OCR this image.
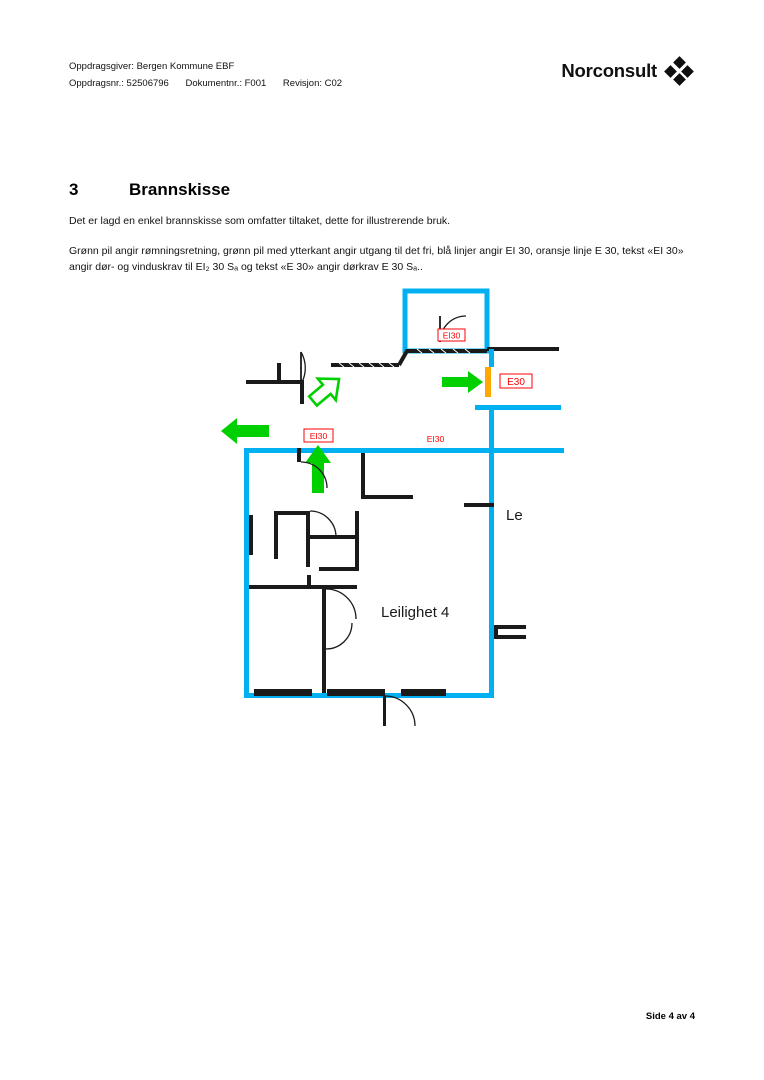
Oppdragsgiver: Bergen Kommune EBF
Oppdragsnr.: 52506796 Dokumentnr.: F001 Revisjon: C02
Norconsult
3	Brannskisse
Det er lagd en enkel brannskisse som omfatter tiltaket, dette for illustrerende bruk.
Grønn pil angir rømningsretning, grønn pil med ytterkant angir utgang til det fri, blå linjer angir EI 30, oransje linje E 30, tekst «EI 30» angir dør- og vinduskrav til EI₂ 30 Sₐ og tekst «E 30» angir dørkrav E 30 Sₐ..
EI30
E30
EI30	EI30
Leilighet 4
Le
Side 4 av 4
